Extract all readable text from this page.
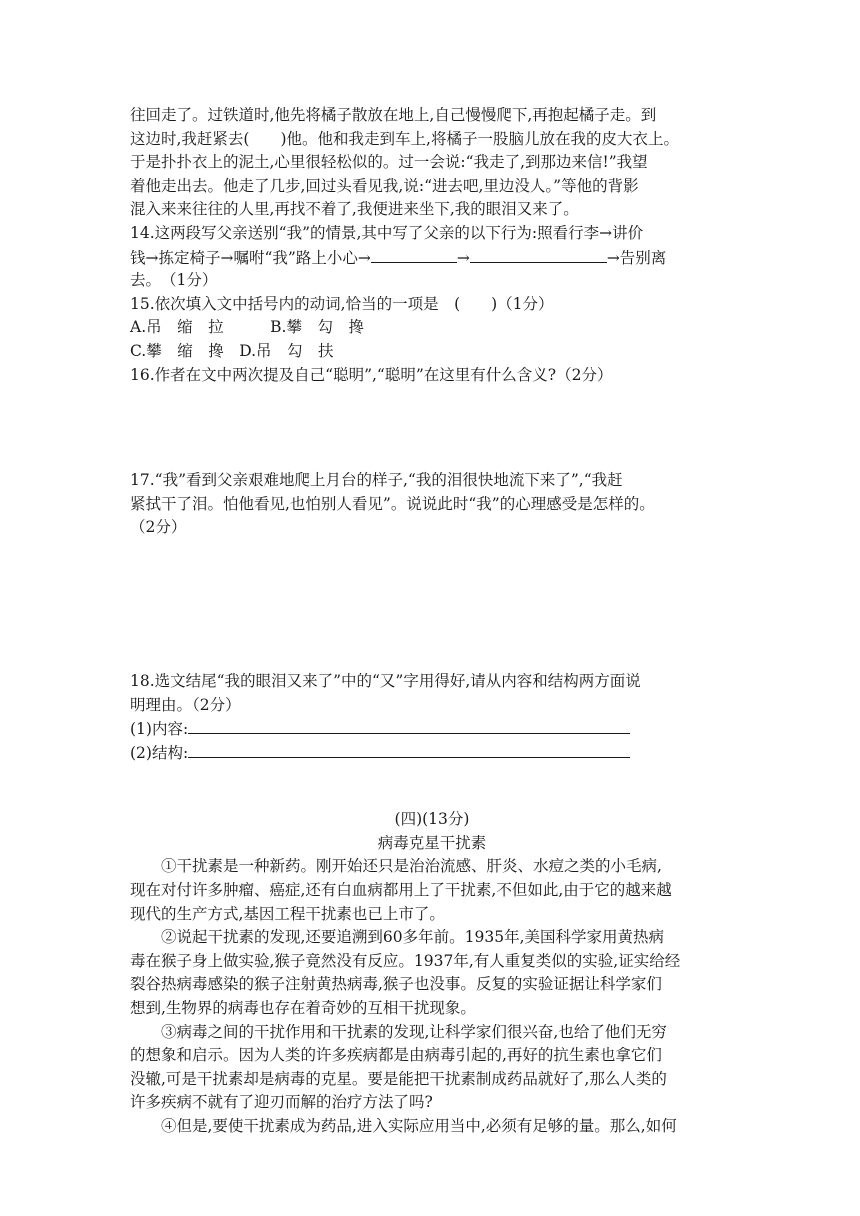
往回走了。过铁道时,他先将橘子散放在地上,自己慢慢爬下,再抱起橘子走。到
这边时,我赶紧去(　　)他。他和我走到车上,将橘子一股脑儿放在我的皮大衣上。
于是扑扑衣上的泥土,心里很轻松似的。过一会说:“我走了,到那边来信!”我望
着他走出去。他走了几步,回过头看见我,说:“进去吧,里边没人。”等他的背影
混入来来往往的人里,再找不着了,我便进来坐下,我的眼泪又来了。
14.这两段写父亲送别“我”的情景,其中写了父亲的以下行为:照看行李→讲价
钱→拣定椅子→嘱咐“我”路上小心→	→	→告别离
去。　（1分）
15.依次填入文中括号内的动词,恰当的一项是　(　　)（1分）
A.吊　缩　拉　　　B.攀　勾　搀
C.攀　缩　搀　D.吊　勾　扶
16.作者在文中两次提及自己“聪明”,“聪明”在这里有什么含义?（2分）
17.“我”看到父亲艰难地爬上月台的样子,“我的泪很快地流下来了”,“我赶
紧拭干了泪。怕他看见,也怕别人看见”。说说此时“我”的心理感受是怎样的。
（2分）
18.选文结尾“我的眼泪又来了”中的“又”字用得好,请从内容和结构两方面说
明理由。（2分）
(1)内容:
(2)结构:
(四)(13分)
病毒克星干扰素
　　①干扰素是一种新药。刚开始还只是治治流感、肝炎、水痘之类的小毛病,
现在对付许多肿瘤、癌症,还有白血病都用上了干扰素,不但如此,由于它的越来越
现代的生产方式,基因工程干扰素也已上市了。
　　②说起干扰素的发现,还要追溯到60多年前。1935年,美国科学家用黄热病
毒在猴子身上做实验,猴子竟然没有反应。1937年,有人重复类似的实验,证实给经
裂谷热病毒感染的猴子注射黄热病毒,猴子也没事。反复的实验证据让科学家们
想到,生物界的病毒也存在着奇妙的互相干扰现象。
　　③病毒之间的干扰作用和干扰素的发现,让科学家们很兴奋,也给了他们无穷
的想象和启示。因为人类的许多疾病都是由病毒引起的,再好的抗生素也拿它们
没辙,可是干扰素却是病毒的克星。要是能把干扰素制成药品就好了,那么人类的
许多疾病不就有了迎刃而解的治疗方法了吗?
　　④但是,要使干扰素成为药品,进入实际应用当中,必须有足够的量。那么,如何
